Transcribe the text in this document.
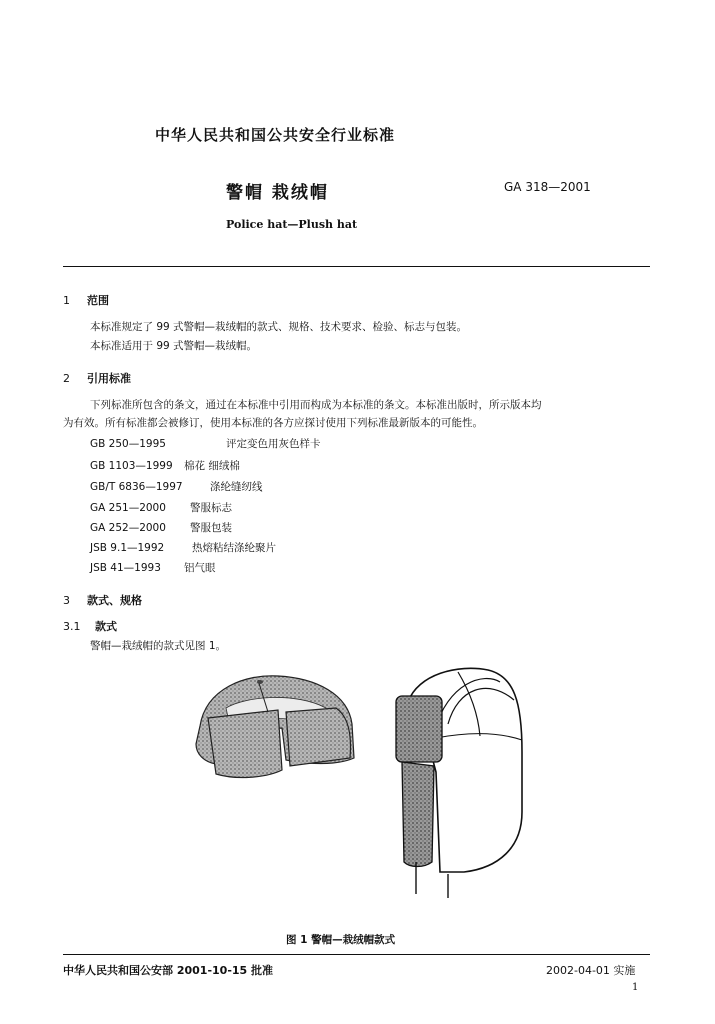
中华人民共和国公共安全行业标准
警帽 栽绒帽	GA 318—2001
Police hat—Plush hat
1 范围
本标准规定了 99 式警帽—栽绒帽的款式、规格、技术要求、检验、标志与包装。
本标准适用于 99 式警帽—栽绒帽。
2 引用标准
下列标准所包含的条文，通过在本标准中引用而构成为本标准的条文。本标准出版时，所示版本均
为有效。所有标准都会被修订，使用本标准的各方应探讨使用下列标准最新版本的可能性。
GB 250—1995	评定变色用灰色样卡
GB 1103—1999 棉花 细绒棉
GB/T 6836—1997	涤纶缝纫线
GA 251—2000 警服标志
GA 252—2000 警服包装
JSB 9.1—1992	热熔粘结涤纶聚片
JSB 41—1993 铝气眼
3 款式、规格
3.1 款式
警帽—栽绒帽的款式见图 1。
图 1 警帽—栽绒帽款式
中华人民共和国公安部 2001-10-15 批准	2002-04-01 实施
1
